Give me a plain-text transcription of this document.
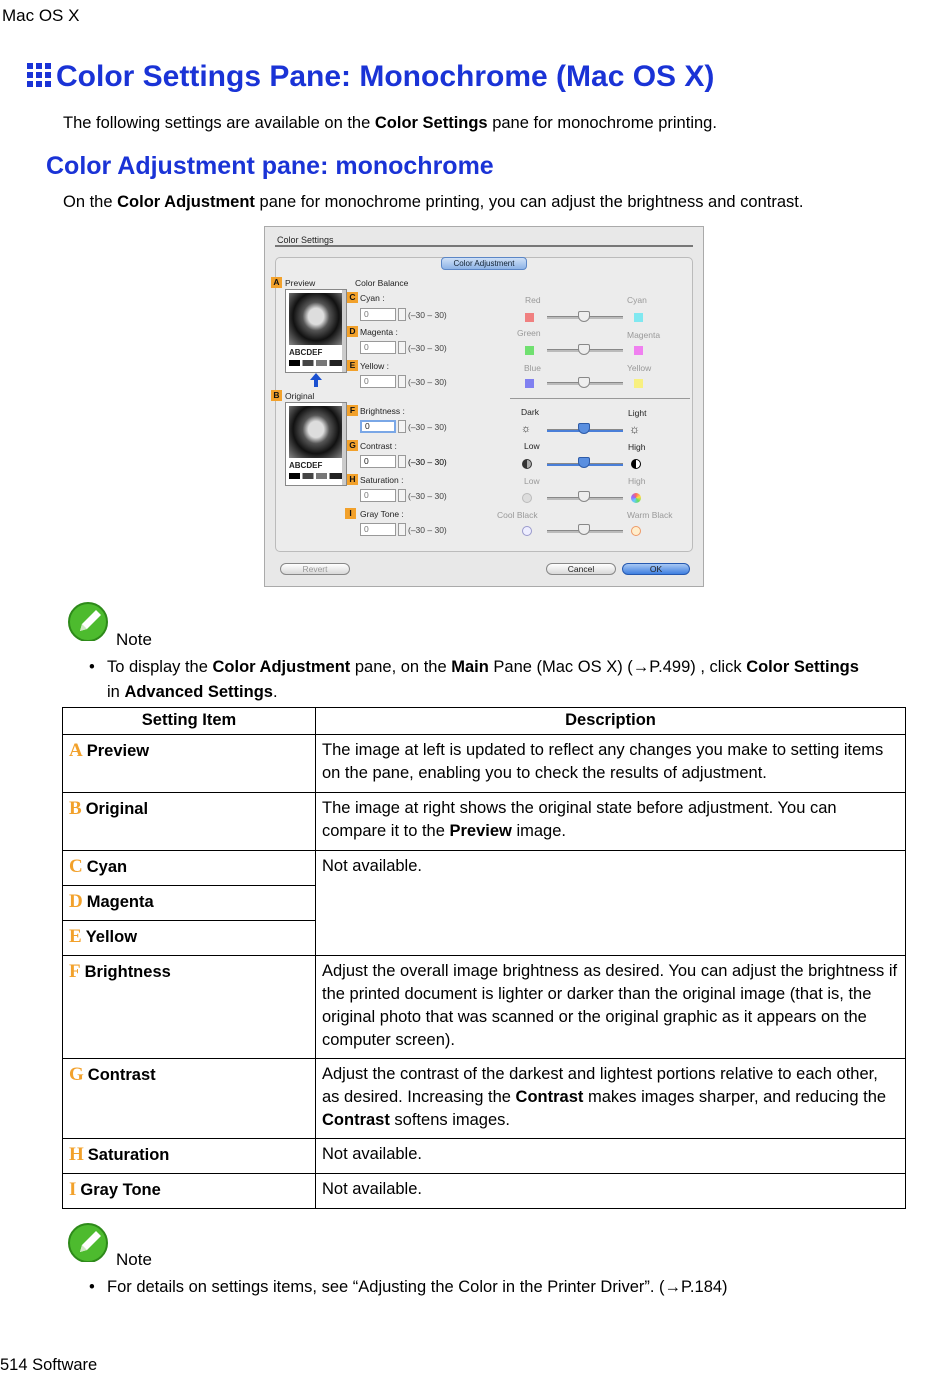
Mac OS X
Color Settings Pane: Monochrome (Mac OS X)
The following settings are available on the Color Settings pane for monochrome printing.
Color Adjustment pane: monochrome
On the Color Adjustment pane for monochrome printing, you can adjust the brightness and contrast.
Color Settings
Color Adjustment
A Preview
ABCDEF
B Original
ABCDEF
Color Balance
C Cyan :
0	(–30 – 30)
Red	Cyan
D Magenta :
0	(–30 – 30)
Green	Magenta
E Yellow :
0	(–30 – 30)
Blue	Yellow
F Brightness :
0	(–30 – 30)
Dark	Light
☼	☼
G Contrast :
0	(–30 – 30)
Low	High
H Saturation :
0	(–30 – 30)
Low	High
I Gray Tone :
0	(–30 – 30)
Cool Black	Warm Black
Revert	Cancel	OK
Note
• To display the Color Adjustment pane, on the Main Pane (Mac OS X) (→P.499) , click Color Settings
in Advanced Settings.
Setting Item	Description
A Preview	The image at left is updated to reflect any changes you make to setting items on the pane, enabling you to check the results of adjustment.
B Original	The image at right shows the original state before adjustment. You can compare it to the Preview image.
C Cyan	Not available.
D Magenta	
E Yellow	
F Brightness	Adjust the overall image brightness as desired. You can adjust the brightness if the printed document is lighter or darker than the original image (that is, the original photo that was scanned or the original graphic as it appears on the computer screen).
G Contrast	Adjust the contrast of the darkest and lightest portions relative to each other, as desired. Increasing the Contrast makes images sharper, and reducing the Contrast softens images.
H Saturation	Not available.
I Gray Tone	Not available.
Note
• For details on settings items, see “Adjusting the Color in the Printer Driver”. (→P.184)
514 Software
